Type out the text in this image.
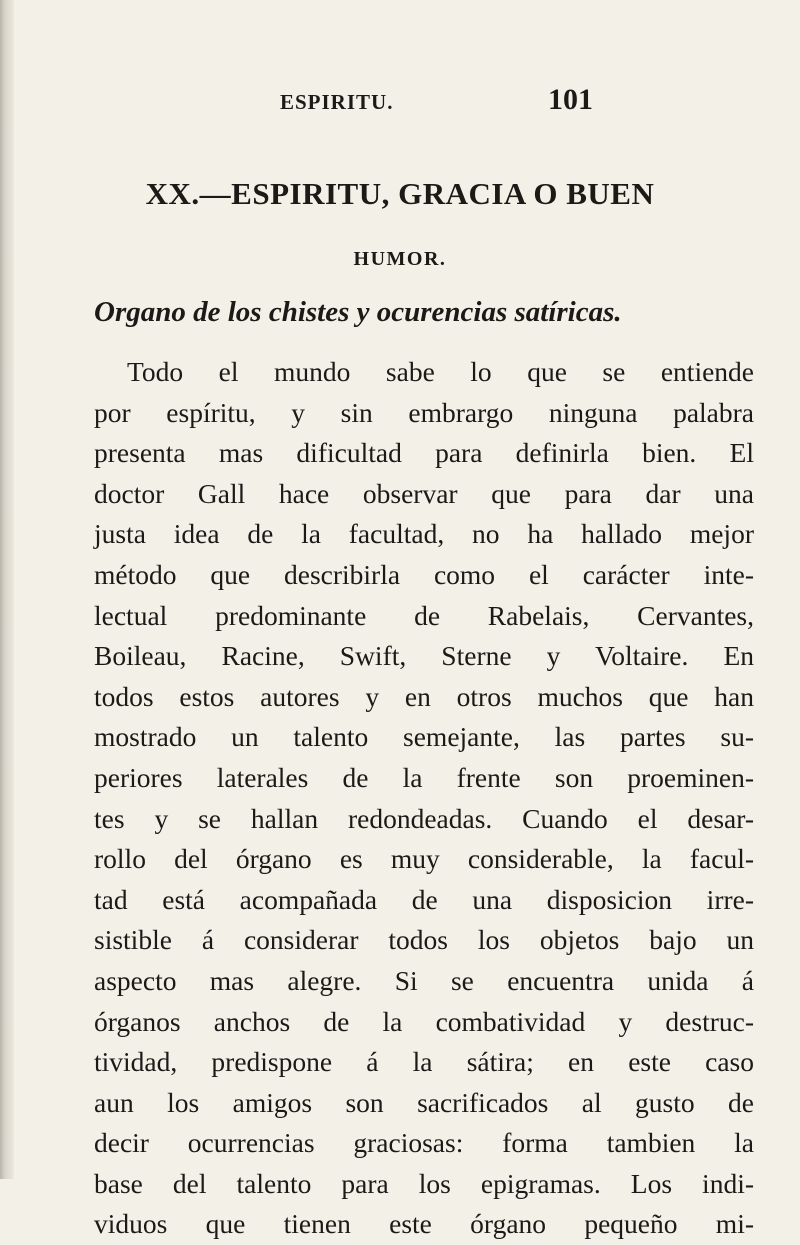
ESPIRITU.	101
XX.—ESPIRITU, GRACIA O BUEN
HUMOR.
Organo de los chistes y ocurencias satíricas.
Todo el mundo sabe lo que se entiende
por espíritu, y sin embrargo ninguna palabra
presenta mas dificultad para definirla bien. El
doctor Gall hace observar que para dar una
justa idea de la facultad, no ha hallado mejor
método que describirla como el carácter inte-
lectual predominante de Rabelais, Cervantes,
Boileau, Racine, Swift, Sterne y Voltaire. En
todos estos autores y en otros muchos que han
mostrado un talento semejante, las partes su-
periores laterales de la frente son proeminen-
tes y se hallan redondeadas. Cuando el desar-
rollo del órgano es muy considerable, la facul-
tad está acompañada de una disposicion irre-
sistible á considerar todos los objetos bajo un
aspecto mas alegre. Si se encuentra unida á
órganos anchos de la combatividad y destruc-
tividad, predispone á la sátira; en este caso
aun los amigos son sacrificados al gusto de
decir ocurrencias graciosas: forma tambien la
base del talento para los epigramas. Los indi-
viduos que tienen este órgano pequeño mi-
